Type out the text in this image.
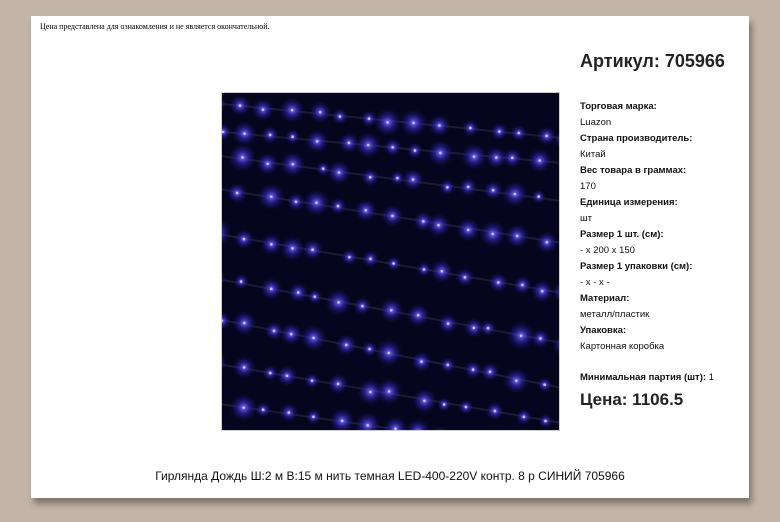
Цена представлена для ознакомления и не является окончательной.
Артикул: 705966
Торговая марка:
Luazon
Страна производитель:
Китай
Вес товара в граммах:
170
Единица измерения:
шт
Размер 1 шт. (см):
- x 200 x 150
Размер 1 упаковки (см):
- x - x -
Материал:
металл/пластик
Упаковка:
Картонная коробка
Минимальная партия (шт): 1
Цена: 1106.5
Гирлянда Дождь Ш:2 м В:15 м нить темная LED-400-220V контр. 8 р СИНИЙ 705966
